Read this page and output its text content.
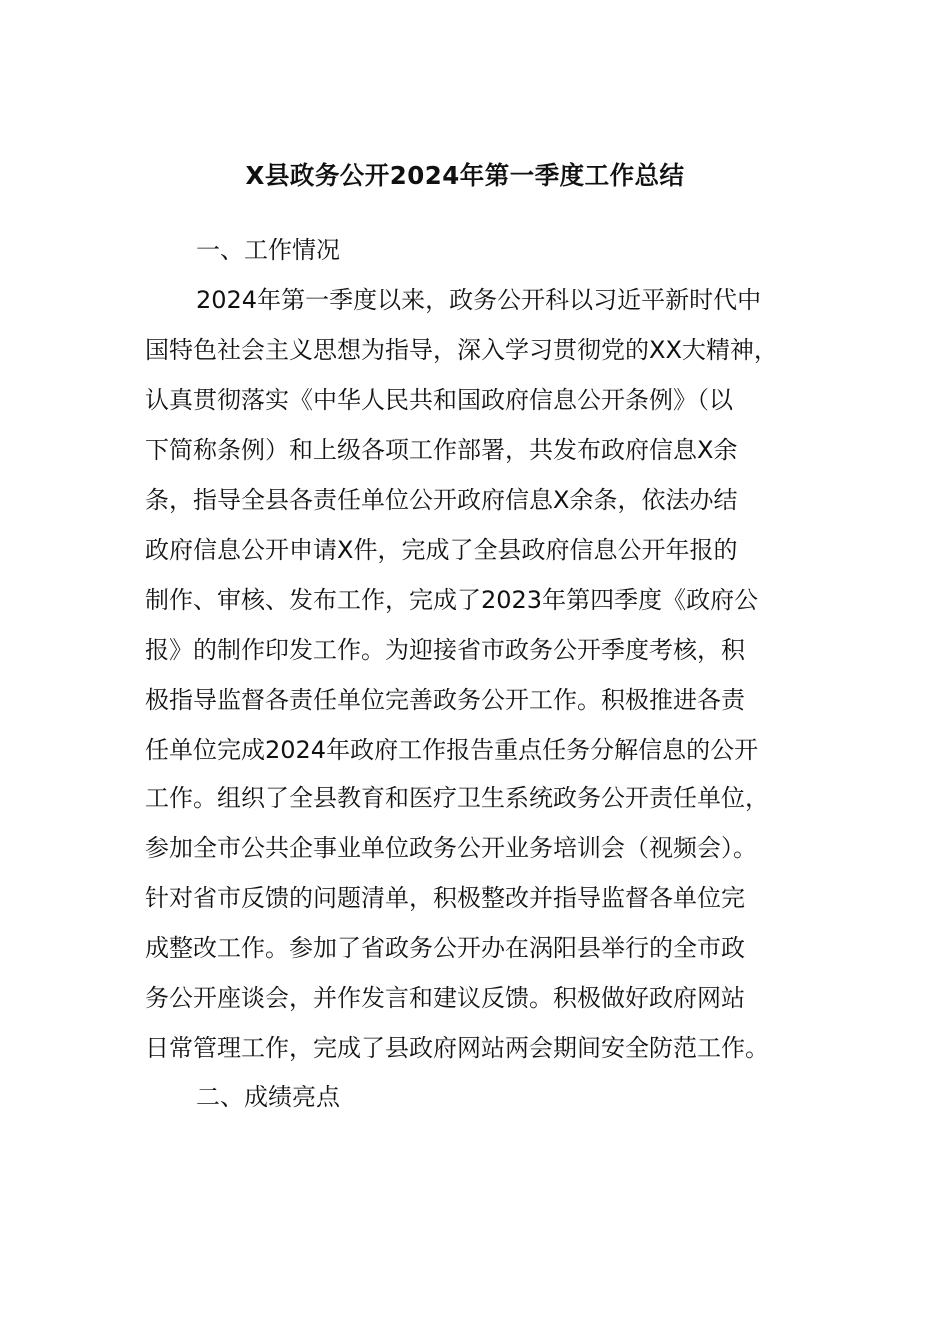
X县政务公开2024年第一季度工作总结
一、工作情况
2024年第一季度以来，政务公开科以习近平新时代中
国特色社会主义思想为指导，深入学习贯彻党的XX大精神，
认真贯彻落实《中华人民共和国政府信息公开条例》（以
下简称条例）和上级各项工作部署，共发布政府信息X余
条，指导全县各责任单位公开政府信息X余条，依法办结
政府信息公开申请X件，完成了全县政府信息公开年报的
制作、审核、发布工作，完成了2023年第四季度《政府公
报》的制作印发工作。为迎接省市政务公开季度考核，积
极指导监督各责任单位完善政务公开工作。积极推进各责
任单位完成2024年政府工作报告重点任务分解信息的公开
工作。组织了全县教育和医疗卫生系统政务公开责任单位，
参加全市公共企事业单位政务公开业务培训会（视频会）。
针对省市反馈的问题清单，积极整改并指导监督各单位完
成整改工作。参加了省政务公开办在涡阳县举行的全市政
务公开座谈会，并作发言和建议反馈。积极做好政府网站
日常管理工作，完成了县政府网站两会期间安全防范工作。
二、成绩亮点
